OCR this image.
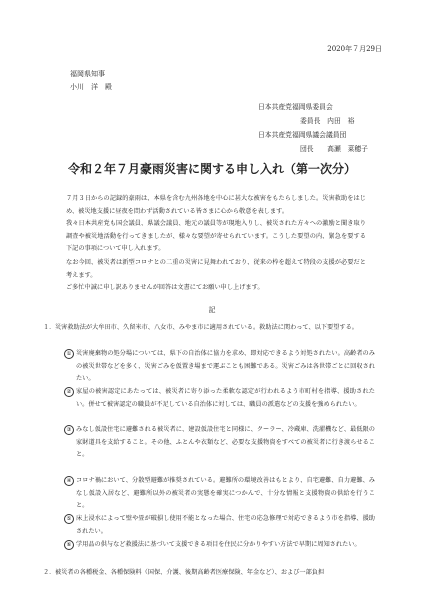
2020年７月29日
福岡県知事
小川　洋　殿
日本共産党福岡県委員会
委員長　内田　裕
日本共産党福岡県議会議員団
団長　　高瀬　菜穂子
令和２年７月豪雨災害に関する申し入れ（第一次分）
７月３日からの記録的豪雨は、本県を含む九州各地を中心に甚大な被害をもたらしました。災害救助をはじめ、被災地支援に昼夜を問わず活動されている皆さまに心から敬意を表します。
我々日本共産党も国会議員、県議会議員、地元の議員等が現地入りし、被災された方々への激励と聞き取り調査や被災地活動を行ってきましたが、様々な要望が寄せられています。こうした要望の内、緊急を要する下記の事項について申し入れます。
なお今回、被災者は新型コロナとの二重の災害に見舞われており、従来の枠を超えて特段の支援が必要だと考えます。
ご多忙中誠に申し訳ありませんが回答は文書にてお願い申し上げます。
記
１． 災害救助法が大牟田市、久留米市、八女市、みやま市に適用されている。救助法に関わって、以下要望する。
① 災害廃棄物の処分場については、県下の自治体に協力を求め、即対応できるよう対処されたい。高齢者のみの被災世帯などを多く、災害ごみを仮置き場まで運ぶことも困難である。災害ごみは各世帯ごとに回収されたい。
② 家屋の被害認定にあたっては、被災者に寄り添った柔軟な認定が行われるよう市町村を指導、援助されたい。併せて被害認定の職員が不足している自治体に対しては、職員の派遣などの支援を強められたい。
③ みなし仮設住宅に避難される被災者に、建設仮設住宅と同様に、クーラー、冷蔵庫、洗濯機など、最低限の家財道具を支給すること。その他、ふとんや衣類など、必要な支援物資をすべての被災者に行き渡らせること。
④ コロナ禍において、分散型避難が推奨されている。避難所の環境改善はもとより、自宅避難、自力避難、みなし仮設入居など、避難所以外の被災者の実態を確実につかんで、十分な情報と支援物資の供給を行うこと。
⑤ 床上浸水によって壁や畳が破損し使用不能となった場合、住宅の応急修理で対応できるよう市を指導、援助されたい。
⑥ 学用品の供与など救援法に基づいて支援できる項目を住民に分かりやすい方法で早期に周知されたい。
２． 被災者の各種税金、各種保険料（国保、介護、後期高齢者医療保険、年金など）、および一部負担
